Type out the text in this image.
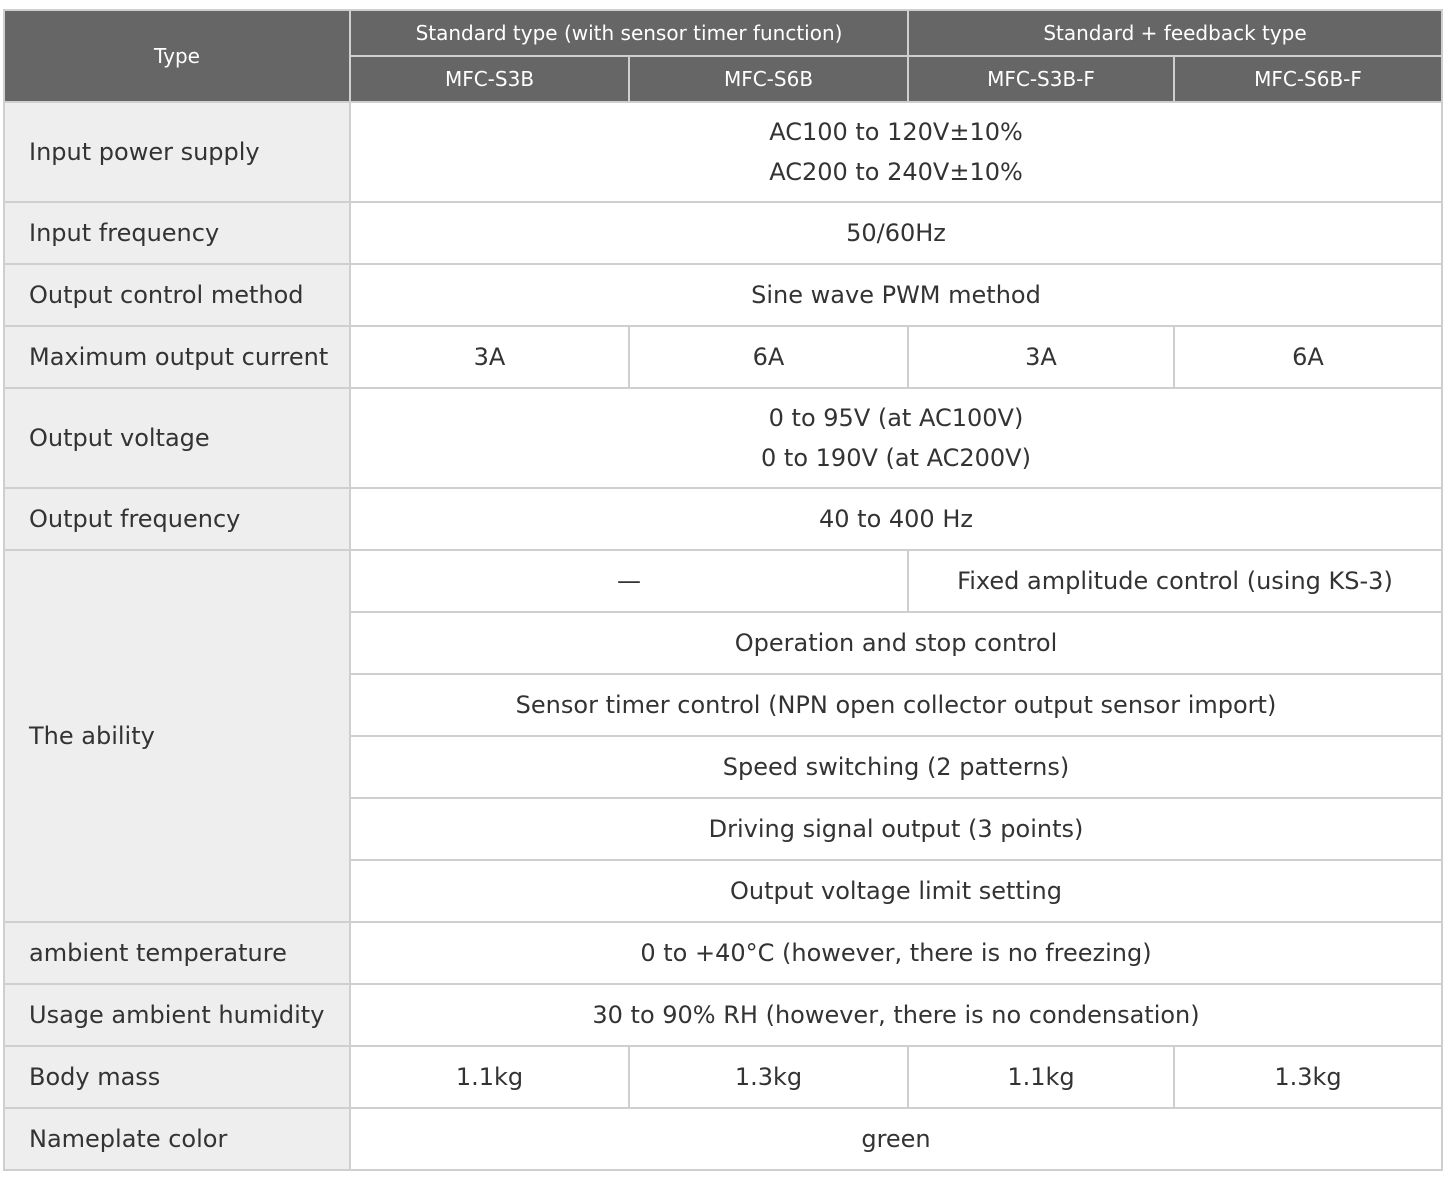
Type	Standard type (with sensor timer function)		Standard + feedback type	
	MFC-S3B	MFC-S6B	MFC-S3B-F	MFC-S6B-F
Input power supply	AC100 to 120V±10%
AC200 to 240V±10%			

Input frequency	50/60Hz			
Output control method	Sine wave PWM method			
Maximum output current	3A	6A	3A	6A
Output voltage	0 to 95V (at AC100V)
0 to 190V (at AC200V)			

Output frequency	40 to 400 Hz			
The ability	—		Fixed amplitude control (using KS-3)	
	Operation and stop control			
	Sensor timer control (NPN open collector output sensor import)			
	Speed switching (2 patterns)			
	Driving signal output (3 points)			
	Output voltage limit setting			
ambient temperature	0 to +40°C (however, there is no freezing)			
Usage ambient humidity	30 to 90% RH (however, there is no condensation)			
Body mass	1.1kg	1.3kg	1.1kg	1.3kg
Nameplate color	green			
